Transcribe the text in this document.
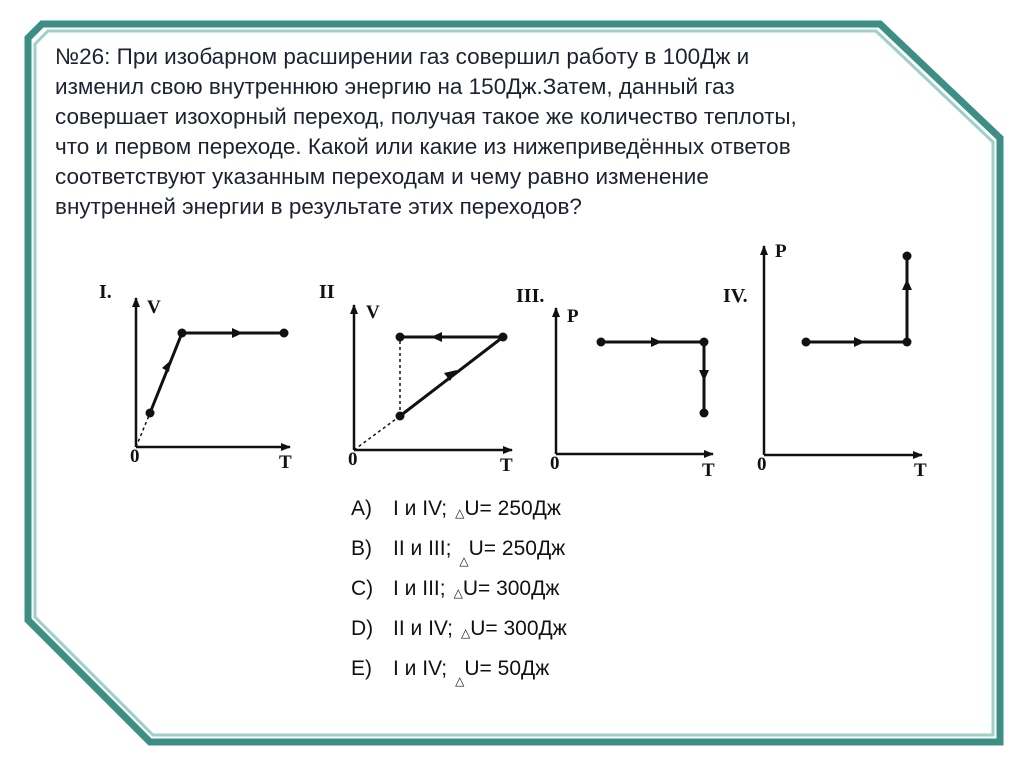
I.
V
T
0
II
V
T
0
III.
P
T
0
IV.
P
T
0
№26: При изобарном расширении газ совершил работу в 100Дж и
изменил свою внутреннюю энергию на 150Дж.Затем, данный газ
совершает изохорный переход, получая такое же количество теплоты,
что и первом переходе. Какой или какие из нижеприведённых ответов
соответствуют указанным переходам и чему равно изменение
внутренней энергии в результате этих переходов?
A) I и IV; △U= 250Дж
B) II и III;△U= 250Дж
C) I и III; △U= 300Дж
D) II и IV; △U= 300Дж
E) I и IV;△U= 50Дж
